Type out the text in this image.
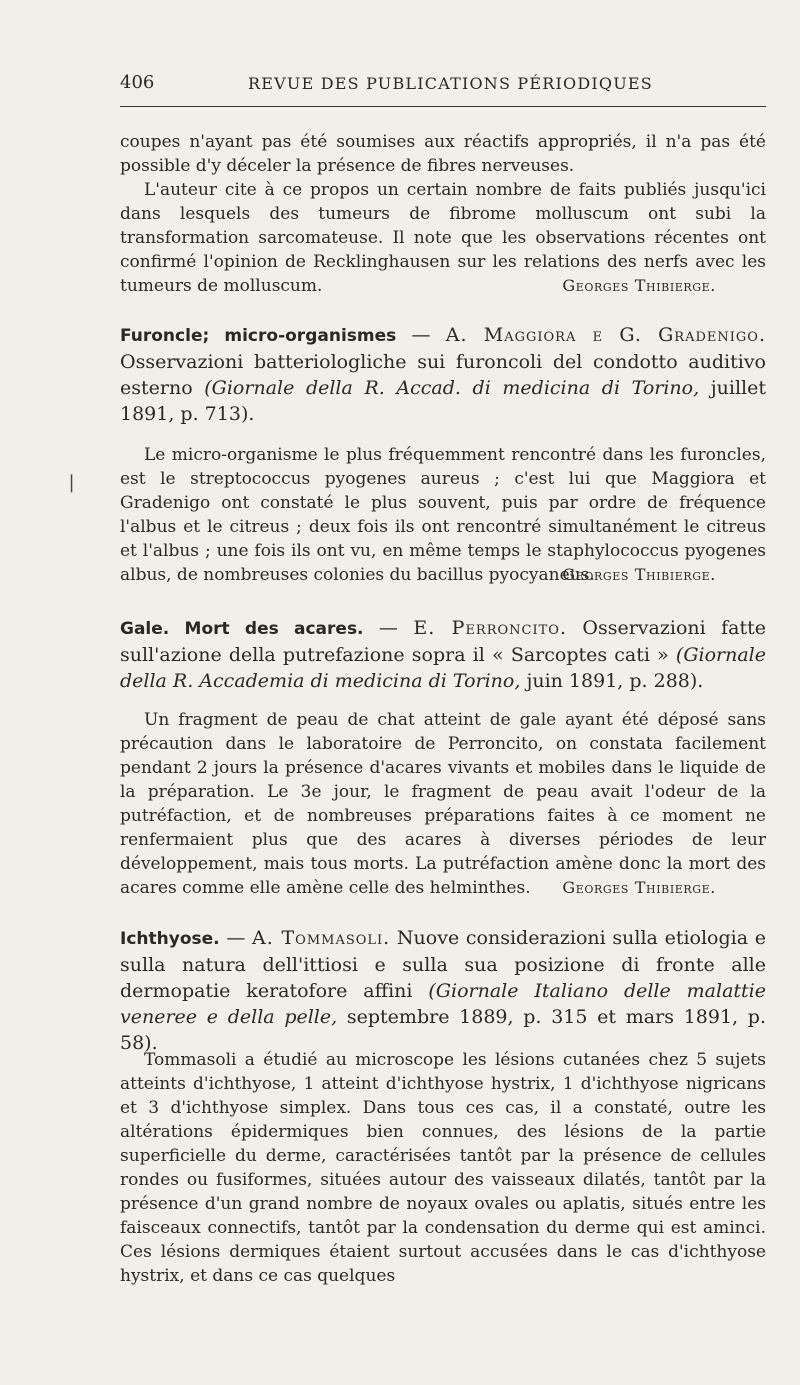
406	REVUE DES PUBLICATIONS PÉRIODIQUES

coupes n'ayant pas été soumises aux réactifs appropriés, il n'a pas été possible d'y déceler la présence de fibres nerveuses.

L'auteur cite à ce propos un certain nombre de faits publiés jusqu'ici dans lesquels des tumeurs de fibrome molluscum ont subi la transformation sarcomateuse. Il note que les observations récentes ont confirmé l'opinion de Recklinghausen sur les relations des nerfs avec les tumeurs de molluscum.	Georges Thibierge.

Furoncle; micro-organismes — A. Maggiora e G. Gradenigo. Osservazioni batteriologliche sui furoncoli del condotto auditivo esterno (Giornale della R. Accad. di medicina di Torino, juillet 1891, p. 713).

Le micro-organisme le plus fréquemment rencontré dans les furoncles, est le streptococcus pyogenes aureus ; c'est lui que Maggiora et Gradenigo ont constaté le plus souvent, puis par ordre de fréquence l'albus et le citreus ; deux fois ils ont rencontré simultanément le citreus et l'albus ; une fois ils ont vu, en même temps le staphylococcus pyogenes albus, de nombreuses colonies du bacillus pyocyaneus.

Georges Thibierge.
❘

Gale. Mort des acares. — E. Perroncito. Osservazioni fatte sull'azione della putrefazione sopra il « Sarcoptes cati » (Giornale della R. Accademia di medicina di Torino, juin 1891, p. 288).

Un fragment de peau de chat atteint de gale ayant été déposé sans précaution dans le laboratoire de Perroncito, on constata facilement pendant 2 jours la présence d'acares vivants et mobiles dans le liquide de la préparation. Le 3e jour, le fragment de peau avait l'odeur de la putréfaction, et de nombreuses préparations faites à ce moment ne renfermaient plus que des acares à diverses périodes de leur développement, mais tous morts. La putréfaction amène donc la mort des acares comme elle amène celle des helminthes.	Georges Thibierge.

Ichthyose. — A. Tommasoli. Nuove considerazioni sulla etiologia e sulla natura dell'ittiosi e sulla sua posizione di fronte alle dermopatie keratofore affini (Giornale Italiano delle malattie veneree e della pelle, septembre 1889, p. 315 et mars 1891, p. 58).

Tommasoli a étudié au microscope les lésions cutanées chez 5 sujets atteints d'ichthyose, 1 atteint d'ichthyose hystrix, 1 d'ichthyose nigricans et 3 d'ichthyose simplex. Dans tous ces cas, il a constaté, outre les altérations épidermiques bien connues, des lésions de la partie superficielle du derme, caractérisées tantôt par la présence de cellules rondes ou fusiformes, situées autour des vaisseaux dilatés, tantôt par la présence d'un grand nombre de noyaux ovales ou aplatis, situés entre les faisceaux connectifs, tantôt par la condensation du derme qui est aminci. Ces lésions dermiques étaient surtout accusées dans le cas d'ichthyose hystrix, et dans ce cas quelques
